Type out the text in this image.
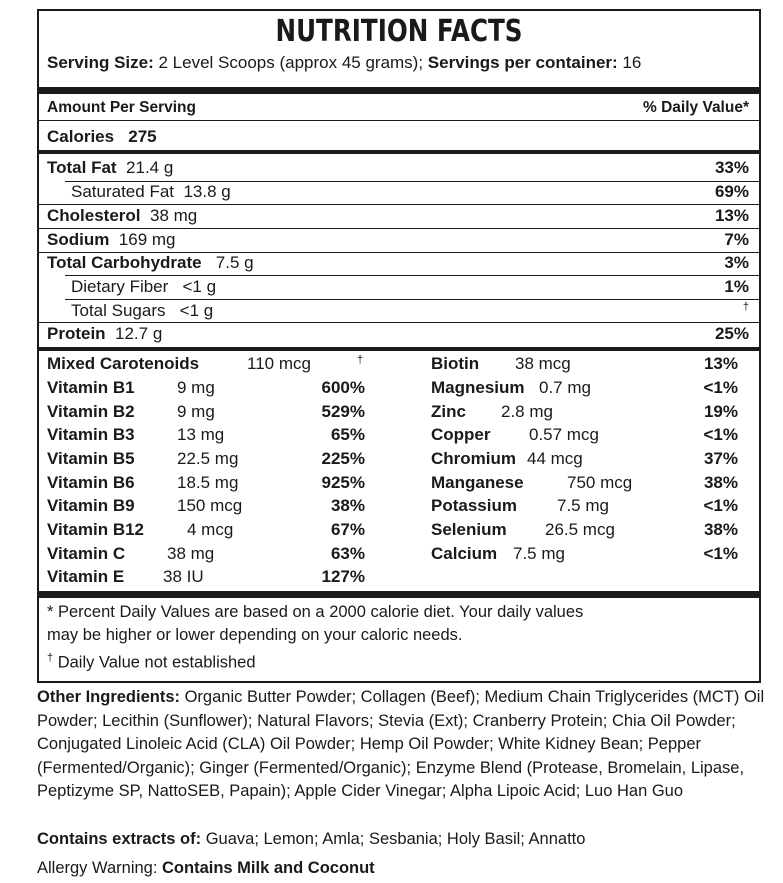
NUTRITION FACTS
Serving Size: 2 Level Scoops (approx 45 grams); Servings per container: 16
Amount Per Serving	% Daily Value*
Calories 275
Total Fat 21.4 g	33%
Saturated Fat 13.8 g	69%
Cholesterol 38 mg	13%
Sodium 169 mg	7%
Total Carbohydrate 7.5 g	3%
Dietary Fiber <1 g	1%
Total Sugars <1 g	†
Protein 12.7 g	25%
* Percent Daily Values are based on a 2000 calorie diet. Your daily values
may be higher or lower depending on your caloric needs.
† Daily Value not established
Mixed Carotenoids	110 mcg	†
Vitamin B1 9 mg	600%
Vitamin B2 9 mg	529%
Vitamin B3 13 mg	65%
Vitamin B5 22.5 mg	225%
Vitamin B6 18.5 mg	925%
Vitamin B9 150 mcg	38%
Vitamin B12	4 mcg	67%
Vitamin C 38 mg	63%
Vitamin E 38 IU	127%
Biotin 38 mcg	13%
Magnesium 0.7 mg	<1%
Zinc 2.8 mg	19%
Copper 0.57 mcg	<1%
Chromium 44 mcg	37%
Manganese	750 mcg	38%
Potassium 7.5 mg	<1%
Selenium 26.5 mcg	38%
Calcium 7.5 mg	<1%
Other Ingredients: Organic Butter Powder; Collagen (Beef); Medium Chain Triglycerides (MCT) Oil Powder; Lecithin (Sunflower); Natural Flavors; Stevia (Ext); Cranberry Protein; Chia Oil Powder; Conjugated Linoleic Acid (CLA) Oil Powder; Hemp Oil Powder; White Kidney Bean; Pepper (Fermented/Organic); Ginger (Fermented/Organic); Enzyme Blend (Protease, Bromelain, Lipase, Peptizyme SP, NattoSEB, Papain); Apple Cider Vinegar; Alpha Lipoic Acid; Luo Han Guo
Contains extracts of: Guava; Lemon; Amla; Sesbania; Holy Basil; Annatto
Allergy Warning: Contains Milk and Coconut
